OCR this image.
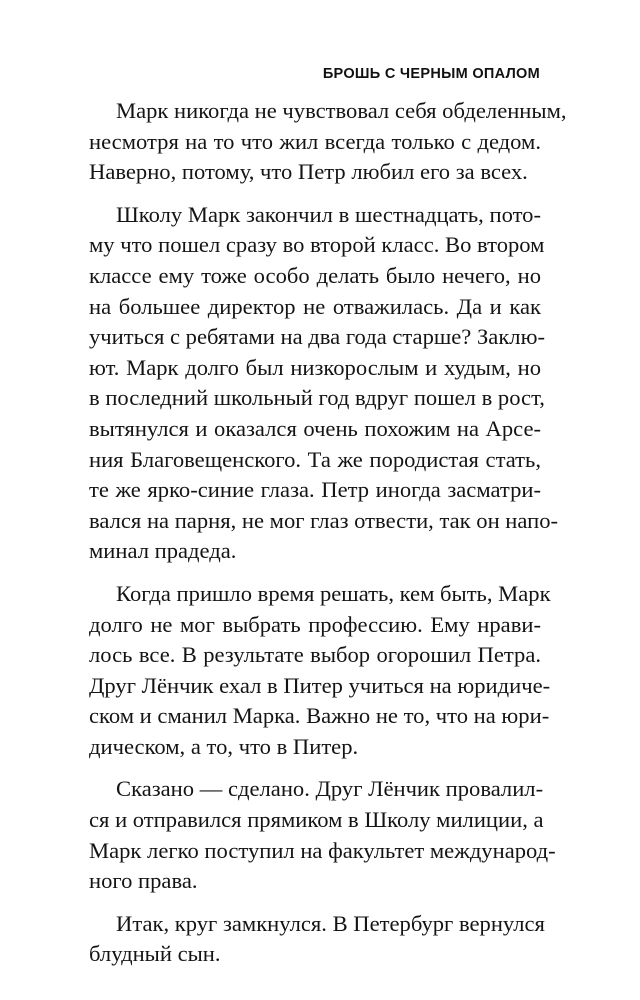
БРОШЬ С ЧЕРНЫМ ОПАЛОМ
Марк никогда не чувствовал себя обделенным,
несмотря на то что жил всегда только с дедом.
Наверно, потому, что Петр любил его за всех.
Школу Марк закончил в шестнадцать, пото-
му что пошел сразу во второй класс. Во втором
классе ему тоже особо делать было нечего, но
на большее директор не отважилась. Да и как
учиться с ребятами на два года старше? Заклю-
ют. Марк долго был низкорослым и худым, но
в последний школьный год вдруг пошел в рост,
вытянулся и оказался очень похожим на Арсе-
ния Благовещенского. Та же породистая стать,
те же ярко-синие глаза. Петр иногда засматри-
вался на парня, не мог глаз отвести, так он напо-
минал прадеда.
Когда пришло время решать, кем быть, Марк
долго не мог выбрать профессию. Ему нрави-
лось все. В результате выбор огорошил Петра.
Друг Лёнчик ехал в Питер учиться на юридиче-
ском и сманил Марка. Важно не то, что на юри-
дическом, а то, что в Питер.
Сказано — сделано. Друг Лёнчик провалил-
ся и отправился прямиком в Школу милиции, а
Марк легко поступил на факультет международ-
ного права.
Итак, круг замкнулся. В Петербург вернулся
блудный сын.
